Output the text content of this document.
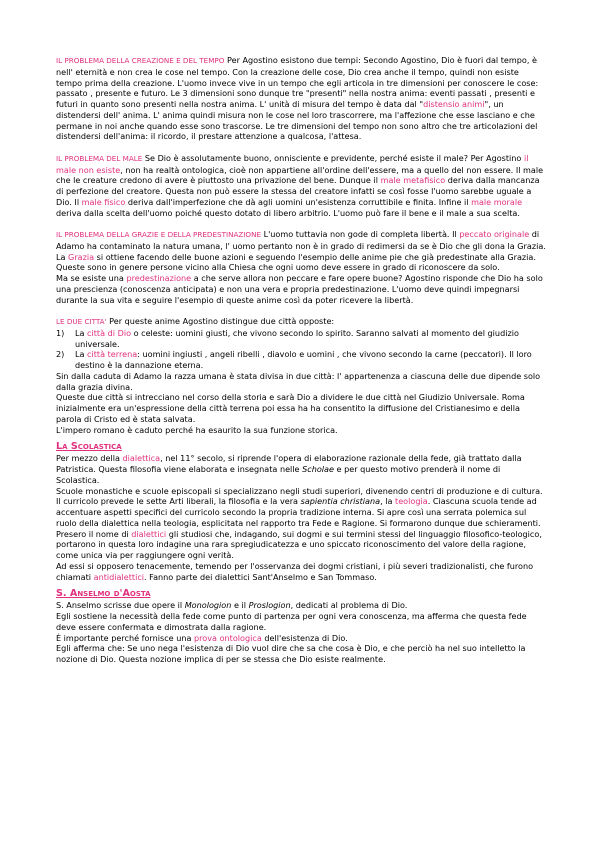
IL PROBLEMA DELLA CREAZIONE E DEL TEMPO Per Agostino esistono due tempi: Secondo Agostino, Dio è fuori dal tempo, è nell' eternità e non crea le cose nel tempo. Con la creazione delle cose, Dio crea anche il tempo, quindi non esiste tempo prima della creazione. L'uomo invece vive in un tempo che egli articola in tre dimensioni per conoscere le cose: passato , presente e futuro. Le 3 dimensioni sono dunque tre "presenti" nella nostra anima: eventi passati , presenti e futuri in quanto sono presenti nella nostra anima. L' unità di misura del tempo è data dal "distensio animi", un distendersi dell' anima. L' anima quindi misura non le cose nel loro trascorrere, ma l'affezione che esse lasciano e che permane in noi anche quando esse sono trascorse. Le tre dimensioni del tempo non sono altro che tre articolazioni del distendersi dell'anima: il ricordo, il prestare attenzione a qualcosa, l'attesa.

IL PROBLEMA DEL MALE Se Dio è assolutamente buono, onnisciente e previdente, perché esiste il male? Per Agostino il male non esiste, non ha realtà ontologica, cioè non appartiene all'ordine dell'essere, ma a quello del non essere. Il male che le creature credono di avere è piuttosto una privazione del bene. Dunque il male metafisico deriva dalla mancanza di perfezione del creatore. Questa non può essere la stessa del creatore infatti se così fosse l'uomo sarebbe uguale a Dio. Il male fisico deriva dall'imperfezione che dà agli uomini un'esistenza corruttibile e finita. Infine il male morale deriva dalla scelta dell'uomo poiché questo dotato di libero arbitrio. L'uomo può fare il bene e il male a sua scelta.

IL PROBLEMA DELLA GRAZIE E DELLA PREDESTINAZIONE L'uomo tuttavia non gode di completa libertà. Il peccato originale di Adamo ha contaminato la natura umana, l' uomo pertanto non è in grado di redimersi da se è Dio che gli dona la Grazia. La Grazia si ottiene facendo delle buone azioni e seguendo l'esempio delle anime pie che già predestinate alla Grazia. Queste sono in genere persone vicino alla Chiesa che ogni uomo deve essere in grado di riconoscere da solo.

Ma se esiste una predestinazione a che serve allora non peccare e fare opere buone? Agostino risponde che Dio ha solo una prescienza (conoscenza anticipata) e non una vera e propria predestinazione. L'uomo deve quindi impegnarsi durante la sua vita e seguire l'esempio di queste anime così da poter ricevere la libertà.

LE DUE CITTA' Per queste anime Agostino distingue due città opposte:

1) La città di Dio o celeste: uomini giusti, che vivono secondo lo spirito. Saranno salvati al momento del giudizio universale.
2) La città terrena: uomini ingiusti , angeli ribelli , diavolo e uomini , che vivono secondo la carne (peccatori). Il loro destino è la dannazione eterna.

Sin dalla caduta di Adamo la razza umana è stata divisa in due città: l' appartenenza a ciascuna delle due dipende solo dalla grazia divina.

Queste due città si intrecciano nel corso della storia e sarà Dio a dividere le due città nel Giudizio Universale. Roma inizialmente era un'espressione della città terrena poi essa ha ha consentito la diffusione del Cristianesimo e della parola di Cristo ed è stata salvata.

L'impero romano è caduto perché ha esaurito la sua funzione storica.

La Scolastica

Per mezzo della dialettica, nel 11° secolo, si riprende l'opera di elaborazione razionale della fede, già trattato dalla Patristica. Questa filosofia viene elaborata e insegnata nelle Scholae e per questo motivo prenderà il nome di Scolastica.

Scuole monastiche e scuole episcopali si specializzano negli studi superiori, divenendo centri di produzione e di cultura. Il curricolo prevede le sette Arti liberali, la filosofia e la vera sapientia christiana, la teologia. Ciascuna scuola tende ad accentuare aspetti specifici del curricolo secondo la propria tradizione interna. Si apre così una serrata polemica sul ruolo della dialettica nella teologia, esplicitata nel rapporto tra Fede e Ragione. Si formarono dunque due schieramenti.

Presero il nome di dialettici gli studiosi che, indagando, sui dogmi e sui termini stessi del linguaggio filosofico-teologico, portarono in questa loro indagine una rara spregiudicatezza e uno spiccato riconoscimento del valore della ragione, come unica via per raggiungere ogni verità.

Ad essi si opposero tenacemente, temendo per l'osservanza dei dogmi cristiani, i più severi tradizionalisti, che furono chiamati antidialettici. Fanno parte dei dialettici Sant'Anselmo e San Tommaso.

S. Anselmo d'Aosta

S. Anselmo scrisse due opere il Monologion e il Proslogion, dedicati al problema di Dio.

Egli sostiene la necessità della fede come punto di partenza per ogni vera conoscenza, ma afferma che questa fede deve essere confermata e dimostrata dalla ragione.

È importante perché fornisce una prova ontologica dell'esistenza di Dio.

Egli afferma che: Se uno nega l'esistenza di Dio vuol dire che sa che cosa è Dio, e che perciò ha nel suo intelletto la nozione di Dio. Questa nozione implica di per se stessa che Dio esiste realmente.
